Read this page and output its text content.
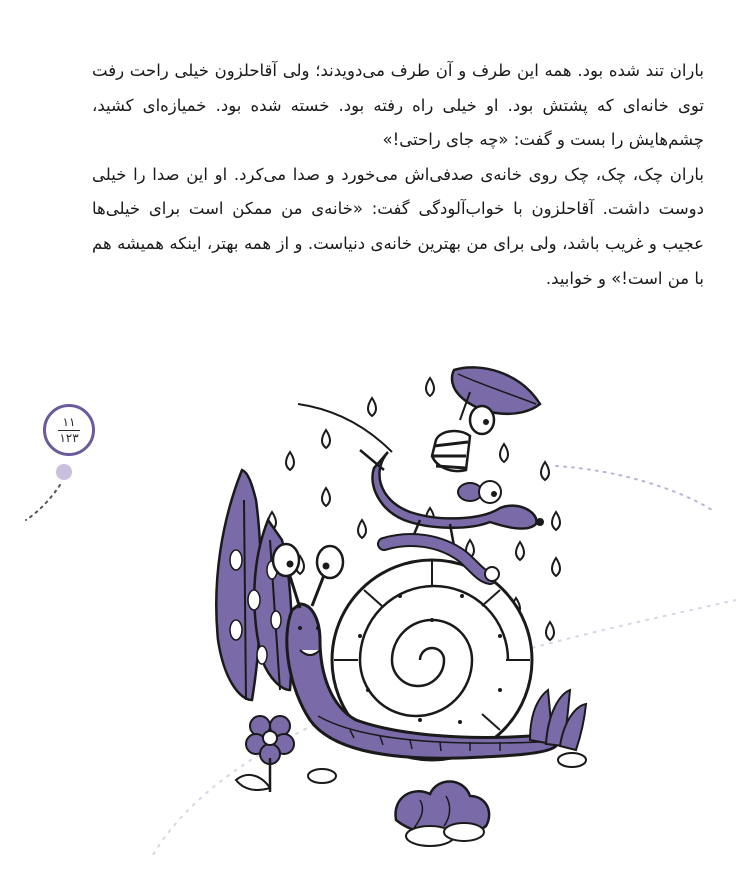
باران تند شده بود. همه این طرف و آن طرف می‌دویدند؛ ولی آقاحلزون خیلی راحت رفت توی خانه‌ای که پشتش بود. او خیلی راه رفته بود. خسته شده بود. خمیازه‌ای کشید، چشم‌هایش را بست و گفت: «چه جای راحتی!»

باران چک، چک، چک روی خانه‌ی صدفی‌اش می‌خورد و صدا می‌کرد. او این صدا را خیلی دوست داشت. آقاحلزون با خواب‌آلودگی گفت: «خانه‌ی من ممکن است برای خیلی‌ها عجیب و غریب باشد، ولی برای من بهترین خانه‌ی دنیاست. و از همه بهتر، اینکه همیشه هم با من است!» و خوابید.

۱۱
۱۲۳
